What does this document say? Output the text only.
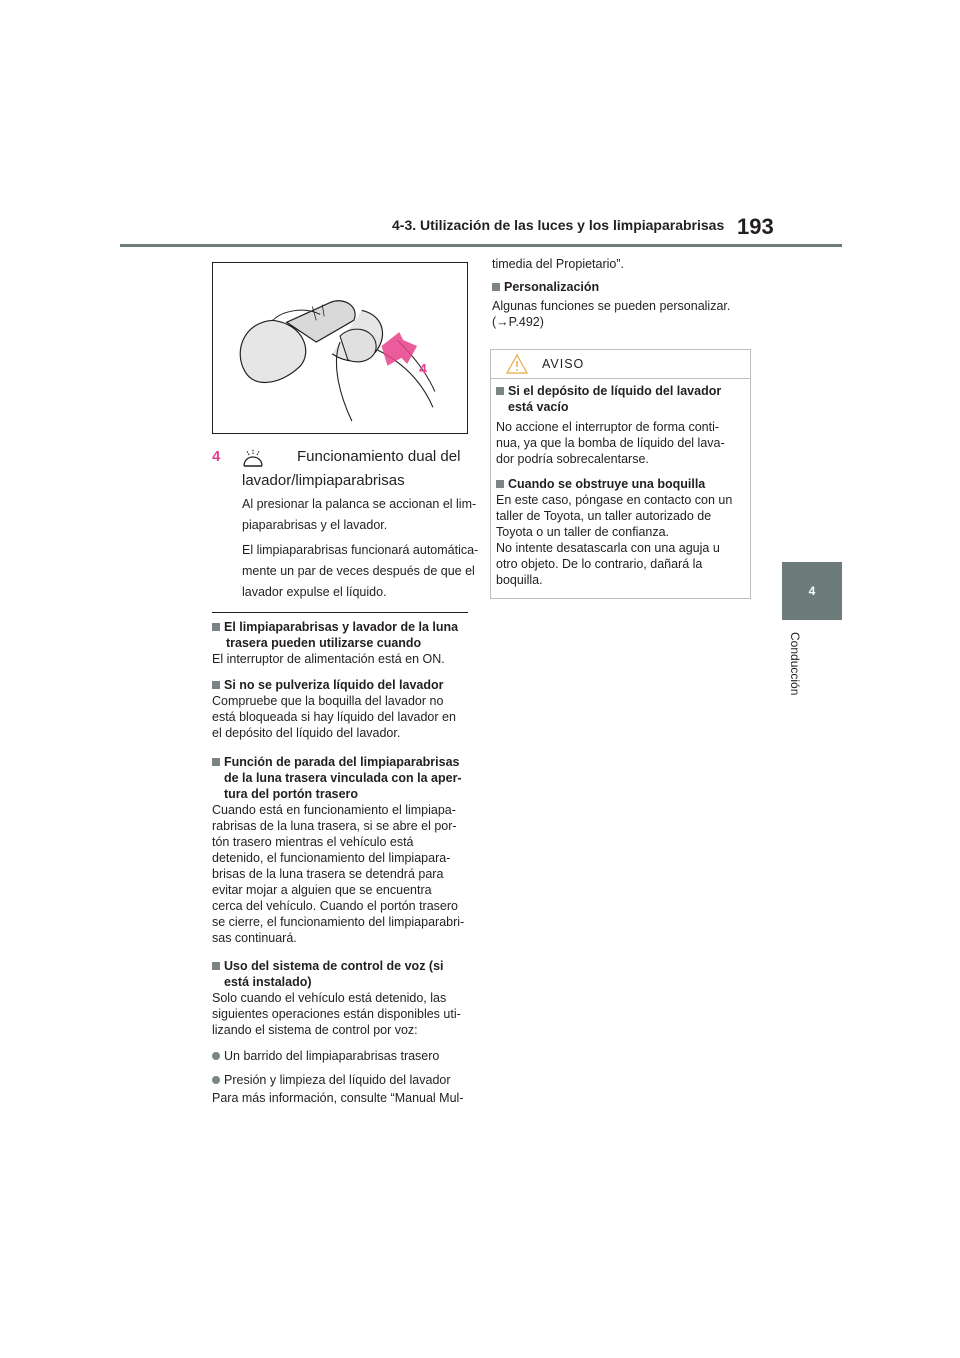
4-3. Utilización de las luces y los limpiaparabrisas 193
4
Conducción
4
4	Funcionamiento dual del
lavador/limpiaparabrisas
Al presionar la palanca se accionan el lim-
piaparabrisas y el lavador.
El limpiaparabrisas funcionará automática-
mente un par de veces después de que el
lavador expulse el líquido.
El limpiaparabrisas y lavador de la luna
trasera pueden utilizarse cuando
El interruptor de alimentación está en ON.
Si no se pulveriza líquido del lavador
Compruebe que la boquilla del lavador no
está bloqueada si hay líquido del lavador en
el depósito del líquido del lavador.
Función de parada del limpiaparabrisas
de la luna trasera vinculada con la aper-
tura del portón trasero
Cuando está en funcionamiento el limpiapa-
rabrisas de la luna trasera, si se abre el por-
tón trasero mientras el vehículo está
detenido, el funcionamiento del limpiapara-
brisas de la luna trasera se detendrá para
evitar mojar a alguien que se encuentra
cerca del vehículo. Cuando el portón trasero
se cierre, el funcionamiento del limpiaparabri-
sas continuará.
Uso del sistema de control de voz (si
está instalado)
Solo cuando el vehículo está detenido, las
siguientes operaciones están disponibles uti-
lizando el sistema de control por voz:
Un barrido del limpiaparabrisas trasero
Presión y limpieza del líquido del lavador
Para más información, consulte “Manual Mul-
timedia del Propietario”.
Personalización
Algunas funciones se pueden personalizar.
(→P.492)
AVISO
Si el depósito de líquido del lavador
está vacío
No accione el interruptor de forma conti-
nua, ya que la bomba de líquido del lava-
dor podría sobrecalentarse.
Cuando se obstruye una boquilla
En este caso, póngase en contacto con un
taller de Toyota, un taller autorizado de
Toyota o un taller de confianza.
No intente desatascarla con una aguja u
otro objeto. De lo contrario, dañará la
boquilla.
